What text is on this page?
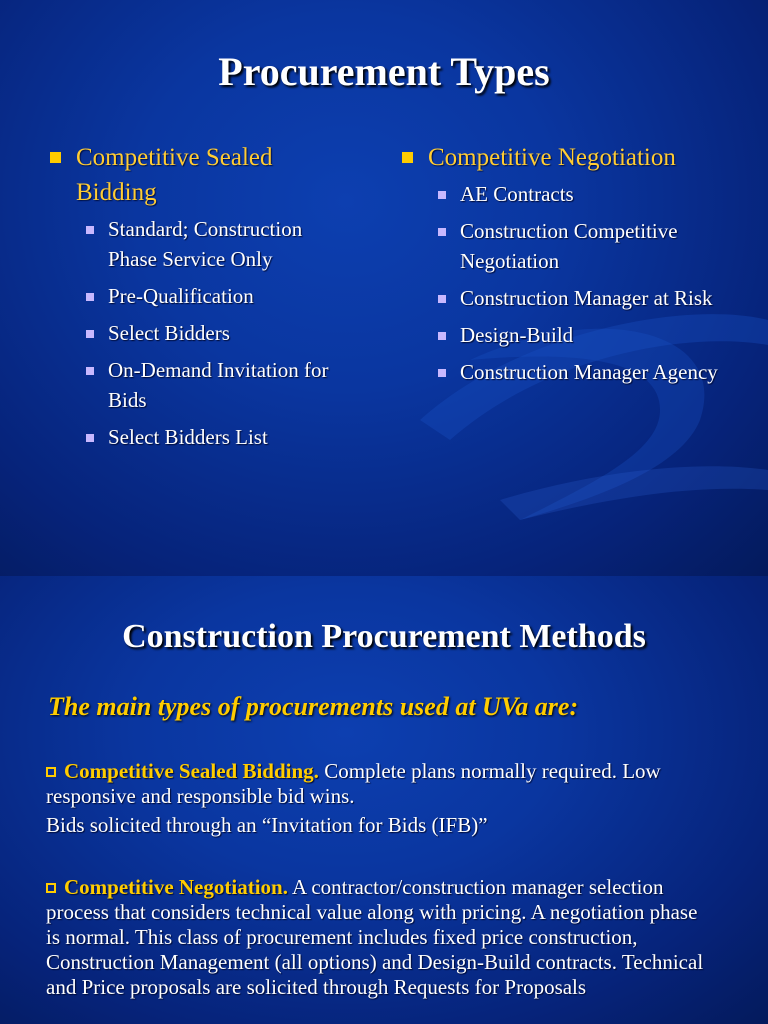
Procurement Types
Competitive Sealed Bidding
Standard; Construction Phase Service Only
Pre-Qualification
Select Bidders
On-Demand Invitation for Bids
Select Bidders List
Competitive Negotiation
AE Contracts
Construction Competitive Negotiation
Construction Manager at Risk
Design-Build
Construction Manager Agency
Construction Procurement Methods

The main types of procurements used at UVa are:

Competitive Sealed Bidding. Complete plans normally required. Low responsive and responsible bid wins.
Bids solicited through an “Invitation for Bids (IFB)”

Competitive Negotiation. A contractor/construction manager selection process that considers technical value along with pricing. A negotiation phase is normal. This class of procurement includes fixed price construction, Construction Management (all options) and Design-Build contracts. Technical and Price proposals are solicited through Requests for Proposals
